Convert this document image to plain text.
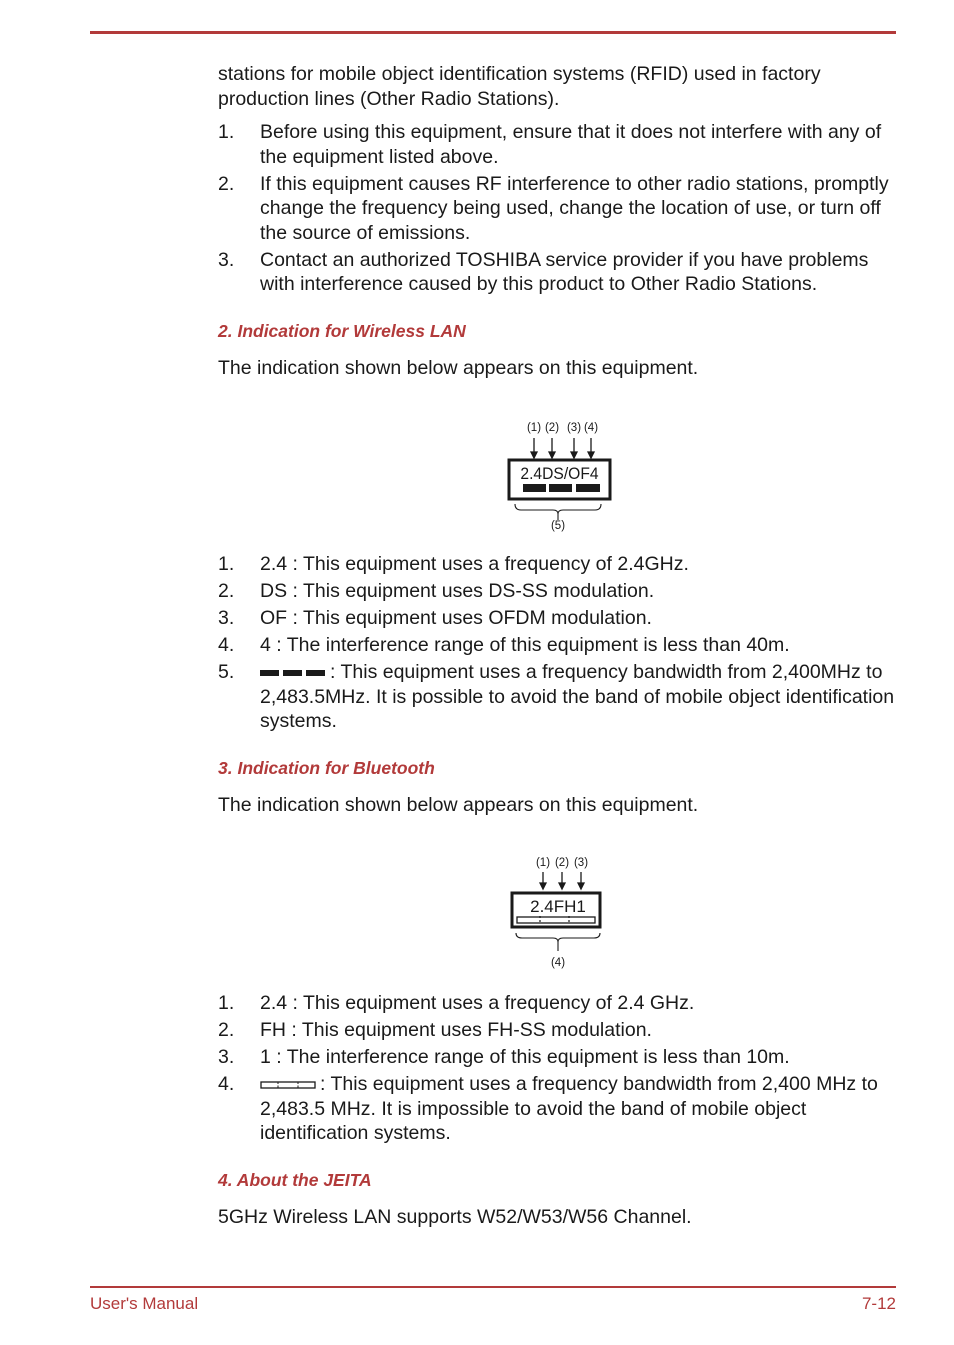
stations for mobile object identification systems (RFID) used in factory production lines (Other Radio Stations).

1.	Before using this equipment, ensure that it does not interfere with any of the equipment listed above.
2.	If this equipment causes RF interference to other radio stations, promptly change the frequency being used, change the location of use, or turn off the source of emissions.
3.	Contact an authorized TOSHIBA service provider if you have problems with interference caused by this product to Other Radio Stations.
2. Indication for Wireless LAN

The indication shown below appears on this equipment.

(1) (2) (3) (4)
(5)
2.4DS/OF4
1.	2.4 : This equipment uses a frequency of 2.4GHz.
2.	DS : This equipment uses DS-SS modulation.
3.	OF : This equipment uses OFDM modulation.
4.	4 : The interference range of this equipment is less than 40m.
5.	: This equipment uses a frequency bandwidth from 2,400MHz to 2,483.5MHz. It is possible to avoid the band of mobile object identification systems.
3. Indication for Bluetooth

The indication shown below appears on this equipment.

(1) (2) (3)
(4)
2.4FH1
1.	2.4 : This equipment uses a frequency of 2.4 GHz.
2.	FH : This equipment uses FH-SS modulation.
3.	1 : The interference range of this equipment is less than 10m.
4.	: This equipment uses a frequency bandwidth from 2,400 MHz to 2,483.5 MHz. It is impossible to avoid the band of mobile object identification systems.
4. About the JEITA

5GHz Wireless LAN supports W52/W53/W56 Channel.

User's Manual	7-12
